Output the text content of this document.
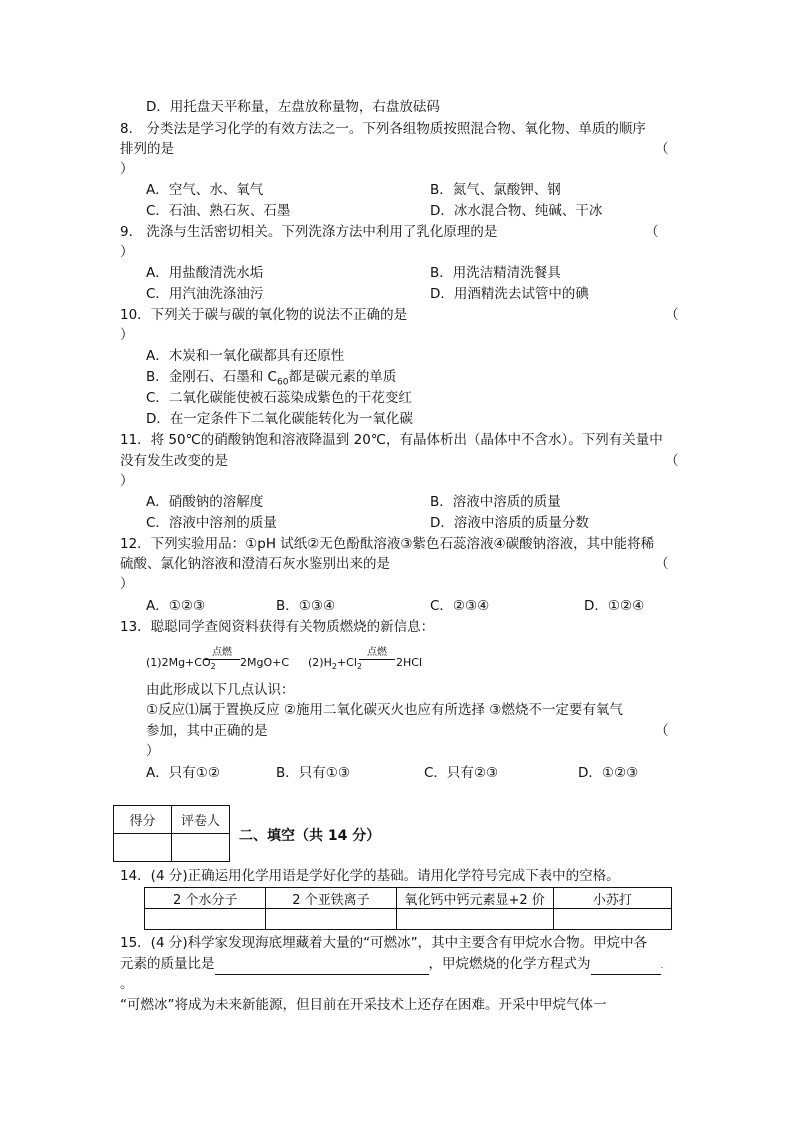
D．用托盘天平称量，左盘放称量物，右盘放砝码
8． 分类法是学习化学的有效方法之一。下列各组物质按照混合物、氧化物、单质的顺序
排列的是	（
）
A．空气、水、氧气	B．氮气、氯酸钾、钢
C．石油、熟石灰、石墨	D．冰水混合物、纯碱、干冰
9． 洗涤与生活密切相关。下列洗涤方法中利用了乳化原理的是	（
）
A．用盐酸清洗水垢	B．用洗洁精清洗餐具
C．用汽油洗涤油污	D．用酒精洗去试管中的碘
10．下列关于碳与碳的氧化物的说法不正确的是	（
）
A．木炭和一氧化碳都具有还原性
B．金刚石、石墨和 $C_{60}$都是碳元素的单质
C．二氧化碳能使被石蕊染成紫色的干花变红
D．在一定条件下二氧化碳能转化为一氧化碳
11．将 50℃的硝酸钠饱和溶液降温到 20℃，有晶体析出（晶体中不含水）。下列有关量中
没有发生改变的是	（
）
A．硝酸钠的溶解度	B．溶液中溶质的质量
C．溶液中溶剂的质量	D．溶液中溶质的质量分数
12．下列实验用品：①pH 试纸②无色酚酞溶液③紫色石蕊溶液④碳酸钠溶液，其中能将稀
硫酸、氯化钠溶液和澄清石灰水鉴别出来的是	（
）
A．①②③	B．①③④	C．②③④	D．①②④
13．聪聪同学查阅资料获得有关物质燃烧的新信息：
$(1)2Mg+CO_2$
点燃
2MgO+C $(2)H_2+Cl_2$
点燃
2HCl
由此形成以下几点认识：
①反应⑴属于置换反应 ②施用二氧化碳灭火也应有所选择 ③燃烧不一定要有氧气
参加，其中正确的是	（
）
A．只有①②	B．只有①③	C．只有②③	D．①②③
得分	评卷人

二、填空（共 14 分）
14．(4 分)正确运用化学用语是学好化学的基础。请用化学符号完成下表中的空格。
2 个水分子	2 个亚铁离子	氧化钙中钙元素显+2 价	小苏打

15．(4 分)科学家发现海底埋藏着大量的“可燃冰”，其中主要含有甲烷水合物。甲烷中各
元素的质量比是	，甲烷燃烧的化学方程式为	.
。
“可燃冰”将成为未来新能源，但目前在开采技术上还存在困难。开采中甲烷气体一
